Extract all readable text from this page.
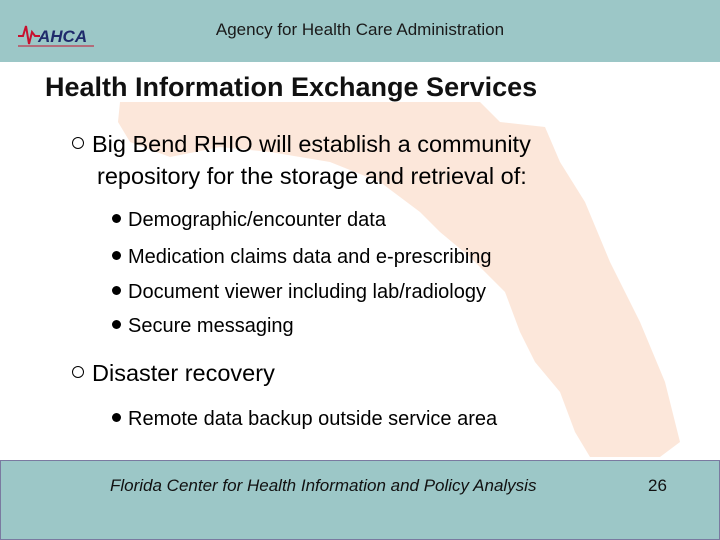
AHCA	Agency for Health Care Administration
Health Information Exchange Services
Big Bend RHIO will establish a community
repository for the storage and retrieval of:
Demographic/encounter data
Medication claims data and e-prescribing
Document viewer including lab/radiology
Secure messaging
Disaster recovery
Remote data backup outside service area
Florida Center for Health Information and Policy Analysis	26
